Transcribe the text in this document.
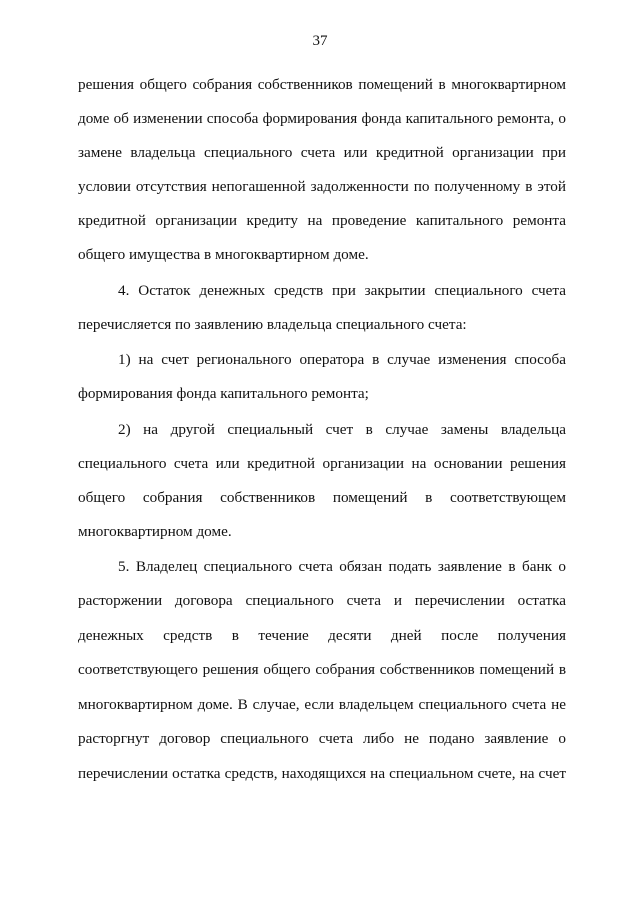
37
решения общего собрания собственников помещений в многоквартирном
доме об изменении способа формирования фонда капитального ремонта, о
замене владельца специального счета или кредитной организации при
условии отсутствия непогашенной задолженности по полученному в этой
кредитной организации кредиту на проведение капитального ремонта
общего имущества в многоквартирном доме.
4. Остаток денежных средств при закрытии специального счета
перечисляется по заявлению владельца специального счета:
1) на счет регионального оператора в случае изменения способа
формирования фонда капитального ремонта;
2) на другой специальный счет в случае замены владельца
специального счета или кредитной организации на основании решения
общего собрания собственников помещений в соответствующем
многоквартирном доме.
5. Владелец специального счета обязан подать заявление в банк о
расторжении договора специального счета и перечислении остатка
денежных средств в течение десяти дней после получения
соответствующего решения общего собрания собственников помещений в
многоквартирном доме. В случае, если владельцем специального счета не
расторгнут договор специального счета либо не подано заявление о
перечислении остатка средств, находящихся на специальном счете, на счет
